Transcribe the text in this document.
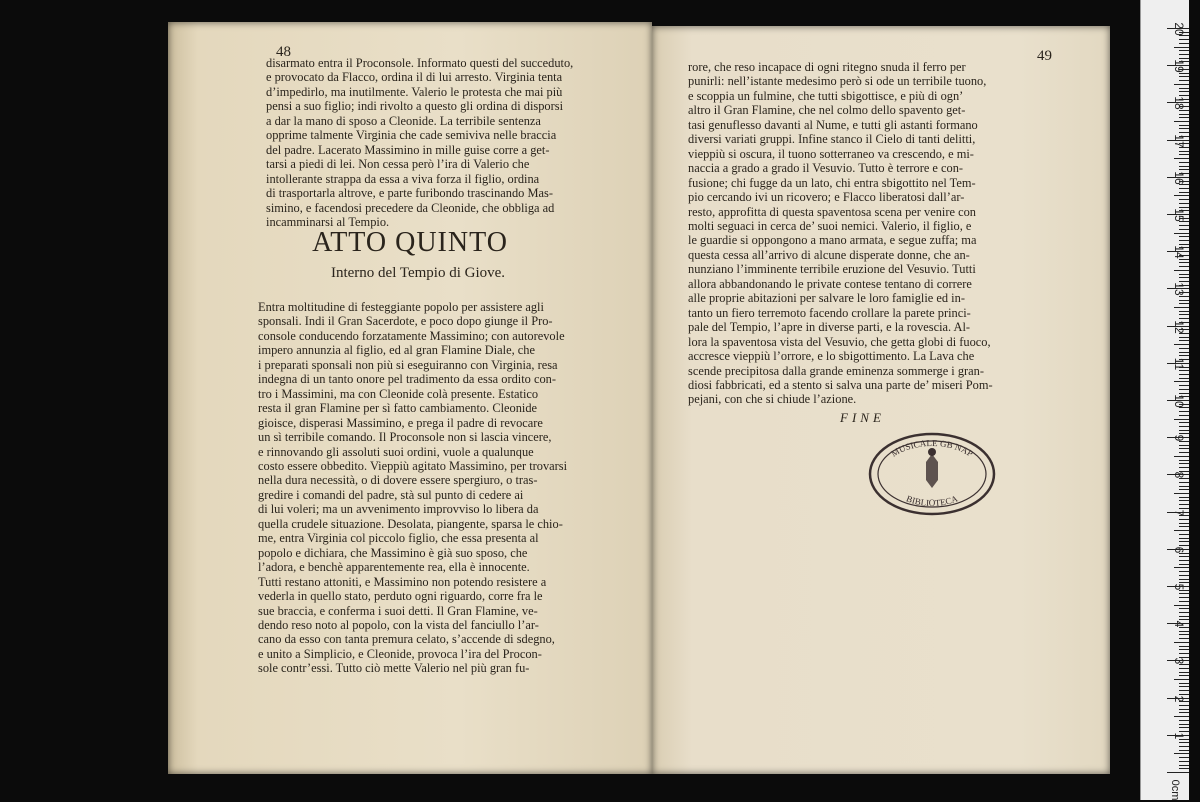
48

disarmato entra il Proconsole. Informato questi del succeduto,

e provocato da Flacco, ordina il di lui arresto. Virginia tenta

d’impedirlo, ma inutilmente. Valerio le protesta che mai più

pensi a suo figlio; indi rivolto a questo gli ordina di disporsi

a dar la mano di sposo a Cleonide. La terribile sentenza

opprime talmente Virginia che cade semiviva nelle braccia

del padre. Lacerato Massimino in mille guise corre a get-

tarsi a piedi di lei. Non cessa però l’ira di Valerio che

intollerante strappa da essa a viva forza il figlio, ordina

di trasportarla altrove, e parte furibondo trascinando Mas-

simino, e facendosi precedere da Cleonide, che obbliga ad

incamminarsi al Tempio.

ATTO QUINTO
Interno del Tempio di Giove.

Entra moltitudine di festeggiante popolo per assistere agli

sponsali. Indi il Gran Sacerdote, e poco dopo giunge il Pro-

console conducendo forzatamente Massimino; con autorevole

impero annunzia al figlio, ed al gran Flamine Diale, che

i preparati sponsali non più si eseguiranno con Virginia, resa

indegna di un tanto onore pel tradimento da essa ordito con-

tro i Massimini, ma con Cleonide colà presente. Estatico

resta il gran Flamine per sì fatto cambiamento. Cleonide

gioisce, disperasi Massimino, e prega il padre di revocare

un sì terribile comando. Il Proconsole non si lascia vincere,

e rinnovando gli assoluti suoi ordini, vuole a qualunque

costo essere obbedito. Vieppiù agitato Massimino, per trovarsi

nella dura necessità, o di dovere essere spergiuro, o tras-

gredire i comandi del padre, stà sul punto di cedere ai

di lui voleri; ma un avvenimento improvviso lo libera da

quella crudele situazione. Desolata, piangente, sparsa le chio-

me, entra Virginia col piccolo figlio, che essa presenta al

popolo e dichiara, che Massimino è già suo sposo, che

l’adora, e benchè apparentemente rea, ella è innocente.

Tutti restano attoniti, e Massimino non potendo resistere a

vederla in quello stato, perduto ogni riguardo, corre fra le

sue braccia, e conferma i suoi detti. Il Gran Flamine, ve-

dendo reso noto al popolo, con la vista del fanciullo l’ar-

cano da esso con tanta premura celato, s’accende di sdegno,

e unito a Simplicio, e Cleonide, provoca l’ira del Procon-

sole contr’essi. Tutto ciò mette Valerio nel più gran fu-

49

rore, che reso incapace di ogni ritegno snuda il ferro per

punirli: nell’istante medesimo però si ode un terribile tuono,

e scoppia un fulmine, che tutti sbigottisce, e più di ogn’

altro il Gran Flamine, che nel colmo dello spavento get-

tasi genuflesso davanti al Nume, e tutti gli astanti formano

diversi variati gruppi. Infine stanco il Cielo di tanti delitti,

vieppiù si oscura, il tuono sotterraneo va crescendo, e mi-

naccia a grado a grado il Vesuvio. Tutto è terrore e con-

fusione; chi fugge da un lato, chi entra sbigottito nel Tem-

pio cercando ivi un ricovero; e Flacco liberatosi dall’ar-

resto, approfitta di questa spaventosa scena per venire con

molti seguaci in cerca de’ suoi nemici. Valerio, il figlio, e

le guardie si oppongono a mano armata, e segue zuffa; ma

questa cessa all’arrivo di alcune disperate donne, che an-

nunziano l’imminente terribile eruzione del Vesuvio. Tutti

allora abbandonando le private contese tentano di correre

alle proprie abitazioni per salvare le loro famiglie ed in-

tanto un fiero terremoto facendo crollare la parete princi-

pale del Tempio, l’apre in diverse parti, e la rovescia. Al-

lora la spaventosa vista del Vesuvio, che getta globi di fuoco,

accresce vieppiù l’orrore, e lo sbigottimento. La Lava che

scende precipitosa dalla grande eminenza sommerge i gran-

diosi fabbricati, ed a stento si salva una parte de’ miseri Pom-

pejani, con che si chiude l’azione.

FINE
MUSICALE GB NAP
BIBLIOTECA
20
19
18
17
16
15
14
13
12
11
10
9
8
7
6
5
4
3
2
1
0cm
